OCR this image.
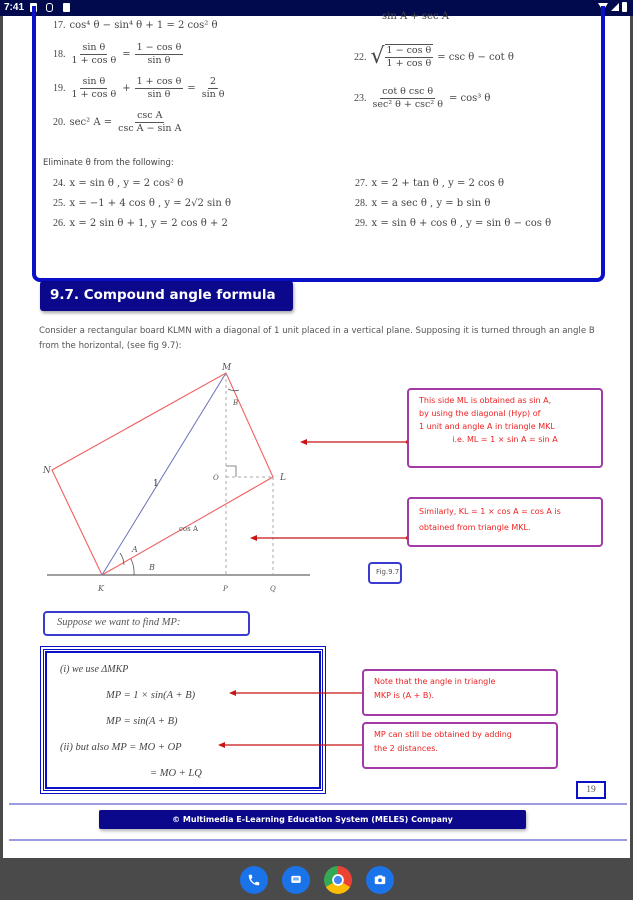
7:41
17. cos⁴ θ − sin⁴ θ + 1 = 2 cos² θ
18. $\frac{\text{sin θ}}{\text{1 + cos θ}} = \frac{\text{1 − cos θ}}{\text{sin θ}}$
19. $\frac{\text{sin θ}}{\text{1 + cos θ}} + \frac{\text{1 + cos θ}}{\text{sin θ}} = \frac{2}{\text{sin θ}}$
20. sec² $A = \frac{\text{csc A}}{\text{csc A − sin A}}$
sin A + sec A
22. √ $\frac{\text{1 − cos θ}}{\text{1 + cos θ}} = \csc \theta - \cot \theta$
23. $\frac{\text{cot θ csc θ}}{\text{sec² θ + csc² θ}} = \cos^3$ θ
Eliminate θ from the following:
24. x = sin θ , y = 2 cos² θ
25. x = −1 + 4 cos θ , y = 2√2 sin θ
26. x = 2 sin θ + 1, y = 2 cos θ + 2
27. x = 2 + tan θ , y = 2 cos θ
28. x = a sec θ , y = b sin θ
29. x = sin θ + cos θ , y = sin θ − cos θ
9.7. Compound angle formula
Consider a rectangular board KLMN with a diagonal of 1 unit placed in a vertical plane. Supposing it is turned through an angle B from the horizontal, (see fig 9.7):
M
N
L
K
O
P	Q
1
A
B
B
cos A
This side ML is obtained as sin A,
by using the diagonal (Hyp) of
1 unit and angle A in triangle MKL
i.e. ML = 1 × sin A = sin A
Similarly, KL = 1 × cos A = cos A is
obtained from triangle MKL.
Fig.9.7
Suppose we want to find MP:
(i) we use ΔMKP
MP = 1 × sin(A + B)
MP = sin(A + B)
(ii) but also MP = MO + OP
= MO + LQ
Note that the angle in triangle
MKP is (A + B).
MP can still be obtained by adding
the 2 distances.
19
© Multimedia E-Learning Education System (MELES) Company
